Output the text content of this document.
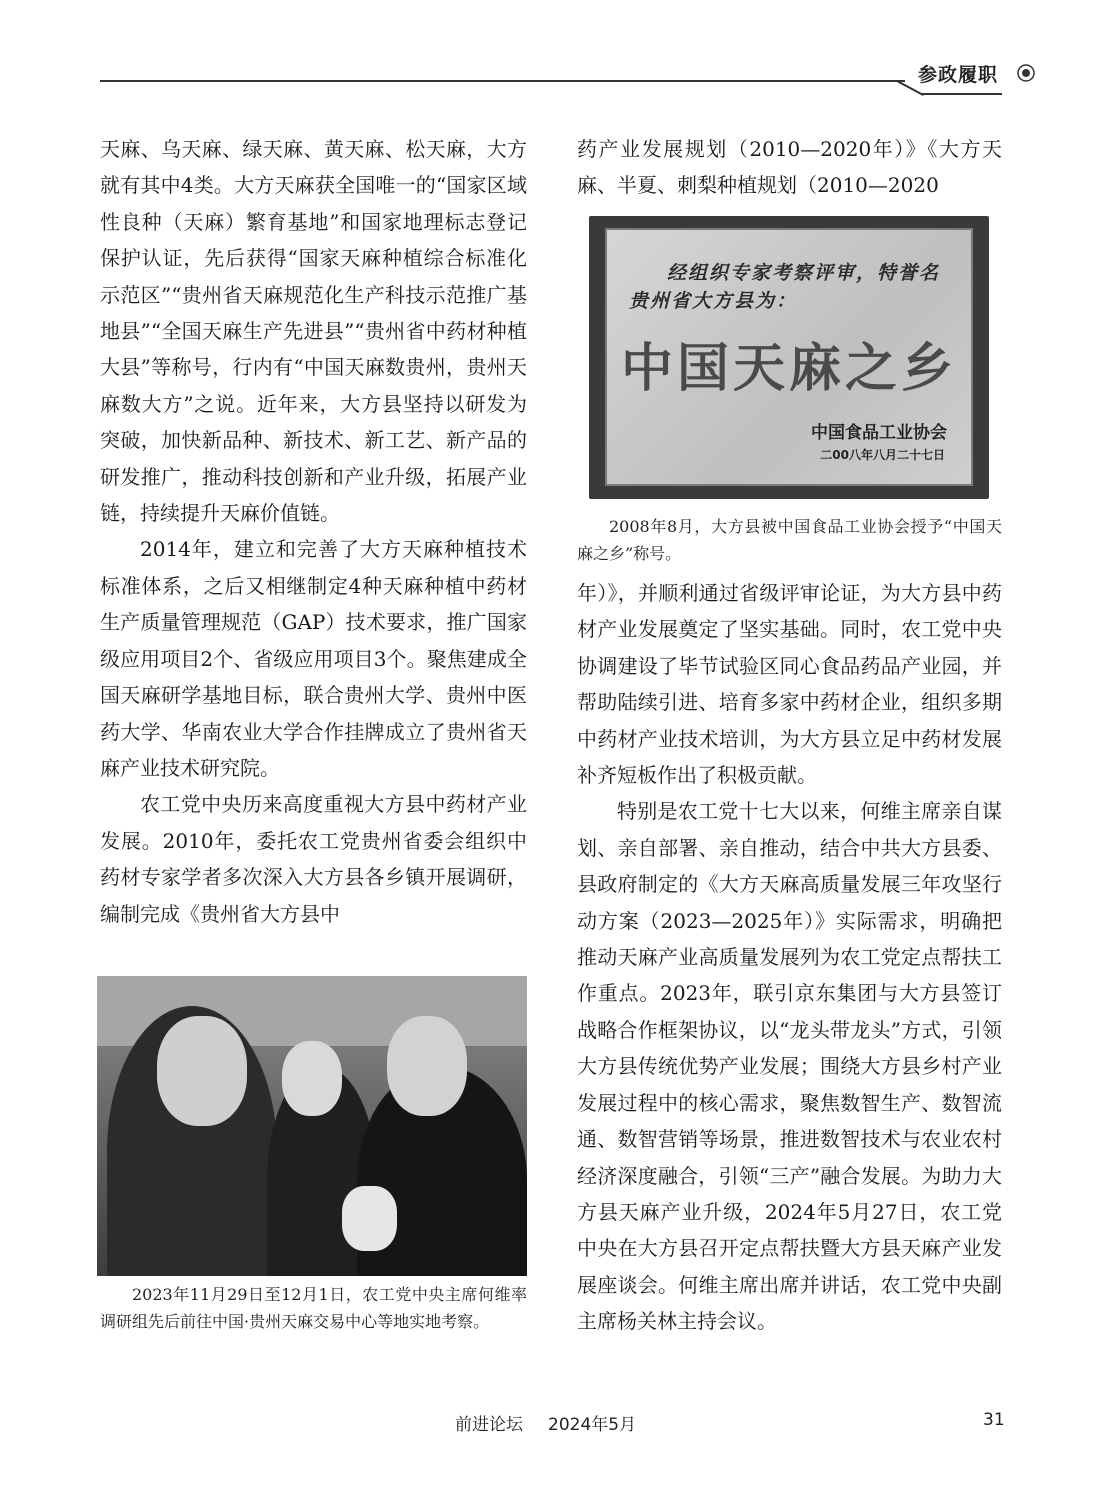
参政履职

天麻、乌天麻、绿天麻、黄天麻、松天麻，大方就有其中4类。大方天麻获全国唯一的“国家区域性良种（天麻）繁育基地”和国家地理标志登记保护认证，先后获得“国家天麻种植综合标准化示范区”“贵州省天麻规范化生产科技示范推广基地县”“全国天麻生产先进县”“贵州省中药材种植大县”等称号，行内有“中国天麻数贵州，贵州天麻数大方”之说。近年来，大方县坚持以研发为突破，加快新品种、新技术、新工艺、新产品的研发推广，推动科技创新和产业升级，拓展产业链，持续提升天麻价值链。

2014年，建立和完善了大方天麻种植技术标准体系，之后又相继制定4种天麻种植中药材生产质量管理规范（GAP）技术要求，推广国家级应用项目2个、省级应用项目3个。聚焦建成全国天麻研学基地目标，联合贵州大学、贵州中医药大学、华南农业大学合作挂牌成立了贵州省天麻产业技术研究院。

农工党中央历来高度重视大方县中药材产业发展。2010年，委托农工党贵州省委会组织中药材专家学者多次深入大方县各乡镇开展调研，编制完成《贵州省大方县中

药产业发展规划（2010—2020年）》《大方天麻、半夏、刺梨种植规划（2010—2020

经组织专家考察评审，特誉名
贵州省大方县为：
中国天麻之乡
中国食品工业协会
二00八年八月二十七日
2008年8月，大方县被中国食品工业协会授予“中国天麻之乡”称号。

年）》，并顺利通过省级评审论证，为大方县中药材产业发展奠定了坚实基础。同时，农工党中央协调建设了毕节试验区同心食品药品产业园，并帮助陆续引进、培育多家中药材企业，组织多期中药材产业技术培训，为大方县立足中药材发展补齐短板作出了积极贡献。

特别是农工党十七大以来，何维主席亲自谋划、亲自部署、亲自推动，结合中共大方县委、县政府制定的《大方天麻高质量发展三年攻坚行动方案（2023—2025年）》实际需求，明确把推动天麻产业高质量发展列为农工党定点帮扶工作重点。2023年，联引京东集团与大方县签订战略合作框架协议，以“龙头带龙头”方式，引领大方县传统优势产业发展；围绕大方县乡村产业发展过程中的核心需求，聚焦数智生产、数智流通、数智营销等场景，推进数智技术与农业农村经济深度融合，引领“三产”融合发展。为助力大方县天麻产业升级，2024年5月27日，农工党中央在大方县召开定点帮扶暨大方县天麻产业发展座谈会。何维主席出席并讲话，农工党中央副主席杨关林主持会议。

2023年11月29日至12月1日，农工党中央主席何维率调研组先后前往中国·贵州天麻交易中心等地实地考察。
前进论坛 2024年5月	31
